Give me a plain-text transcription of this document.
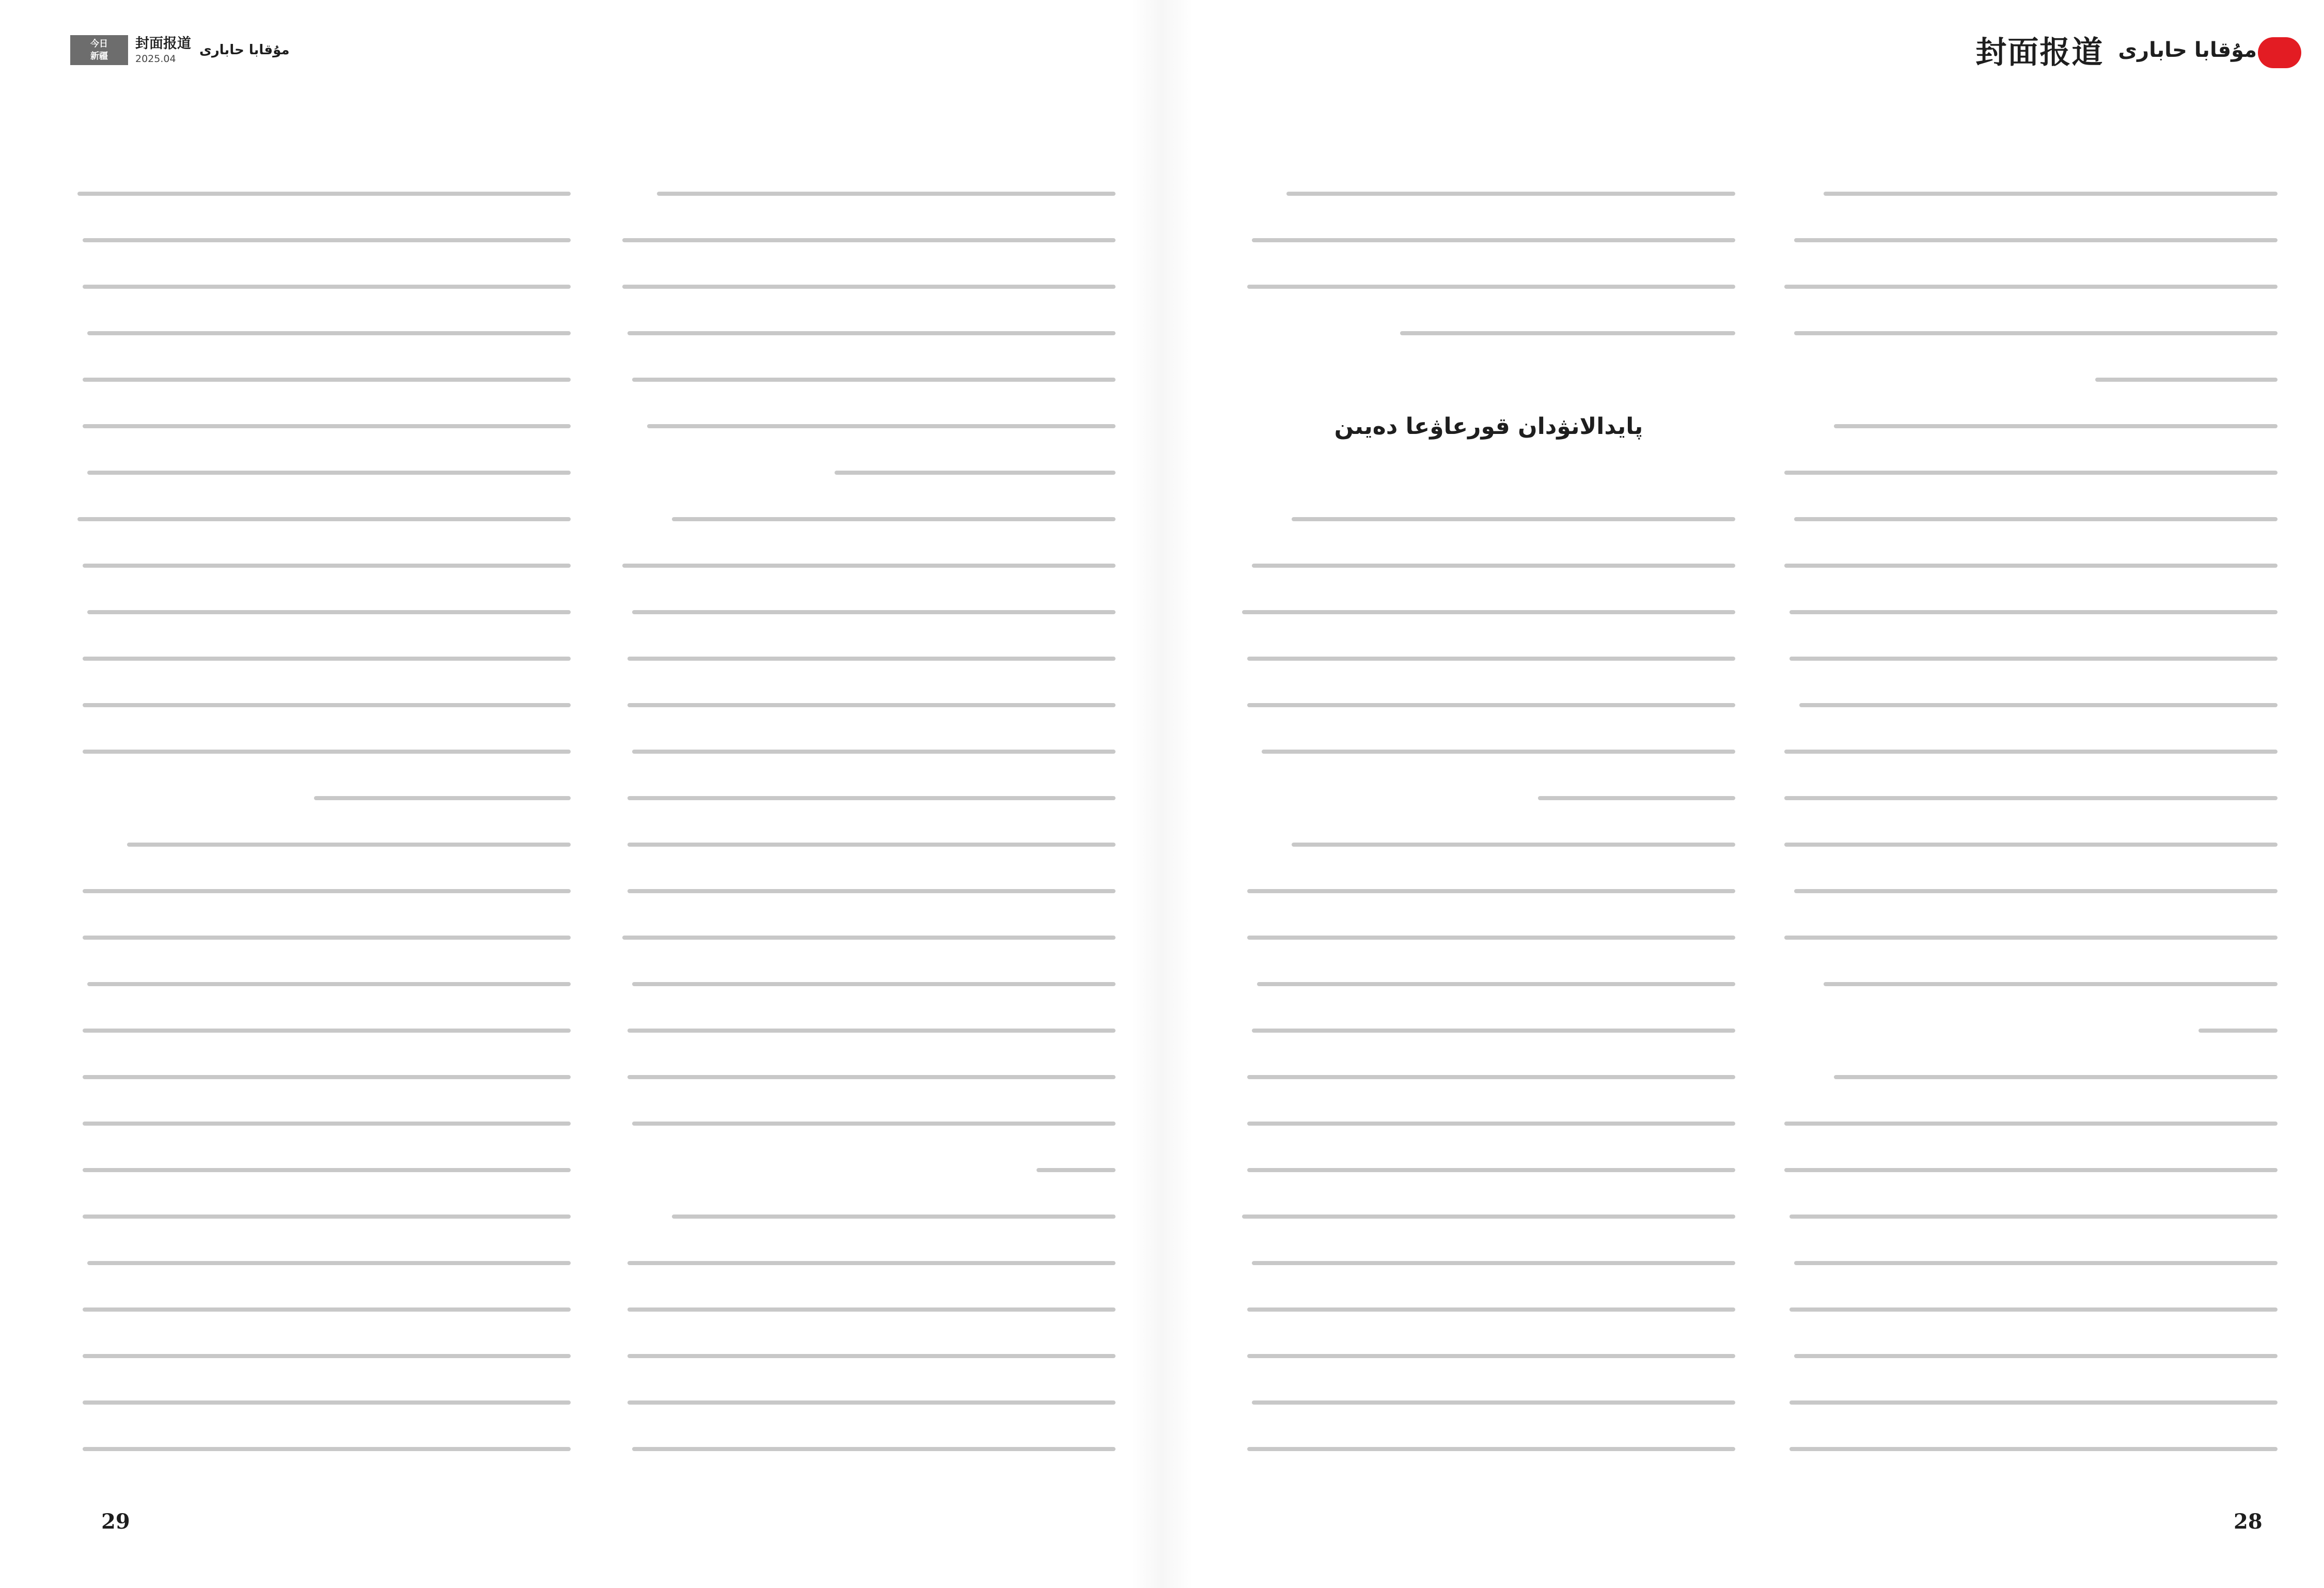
今日
新疆
封面报道
2025.04
مۇقابا حاباری	封面报道 مۇقابا حاباری

پايدالانۋدان قورعاۋعا دەيىن

29	28
